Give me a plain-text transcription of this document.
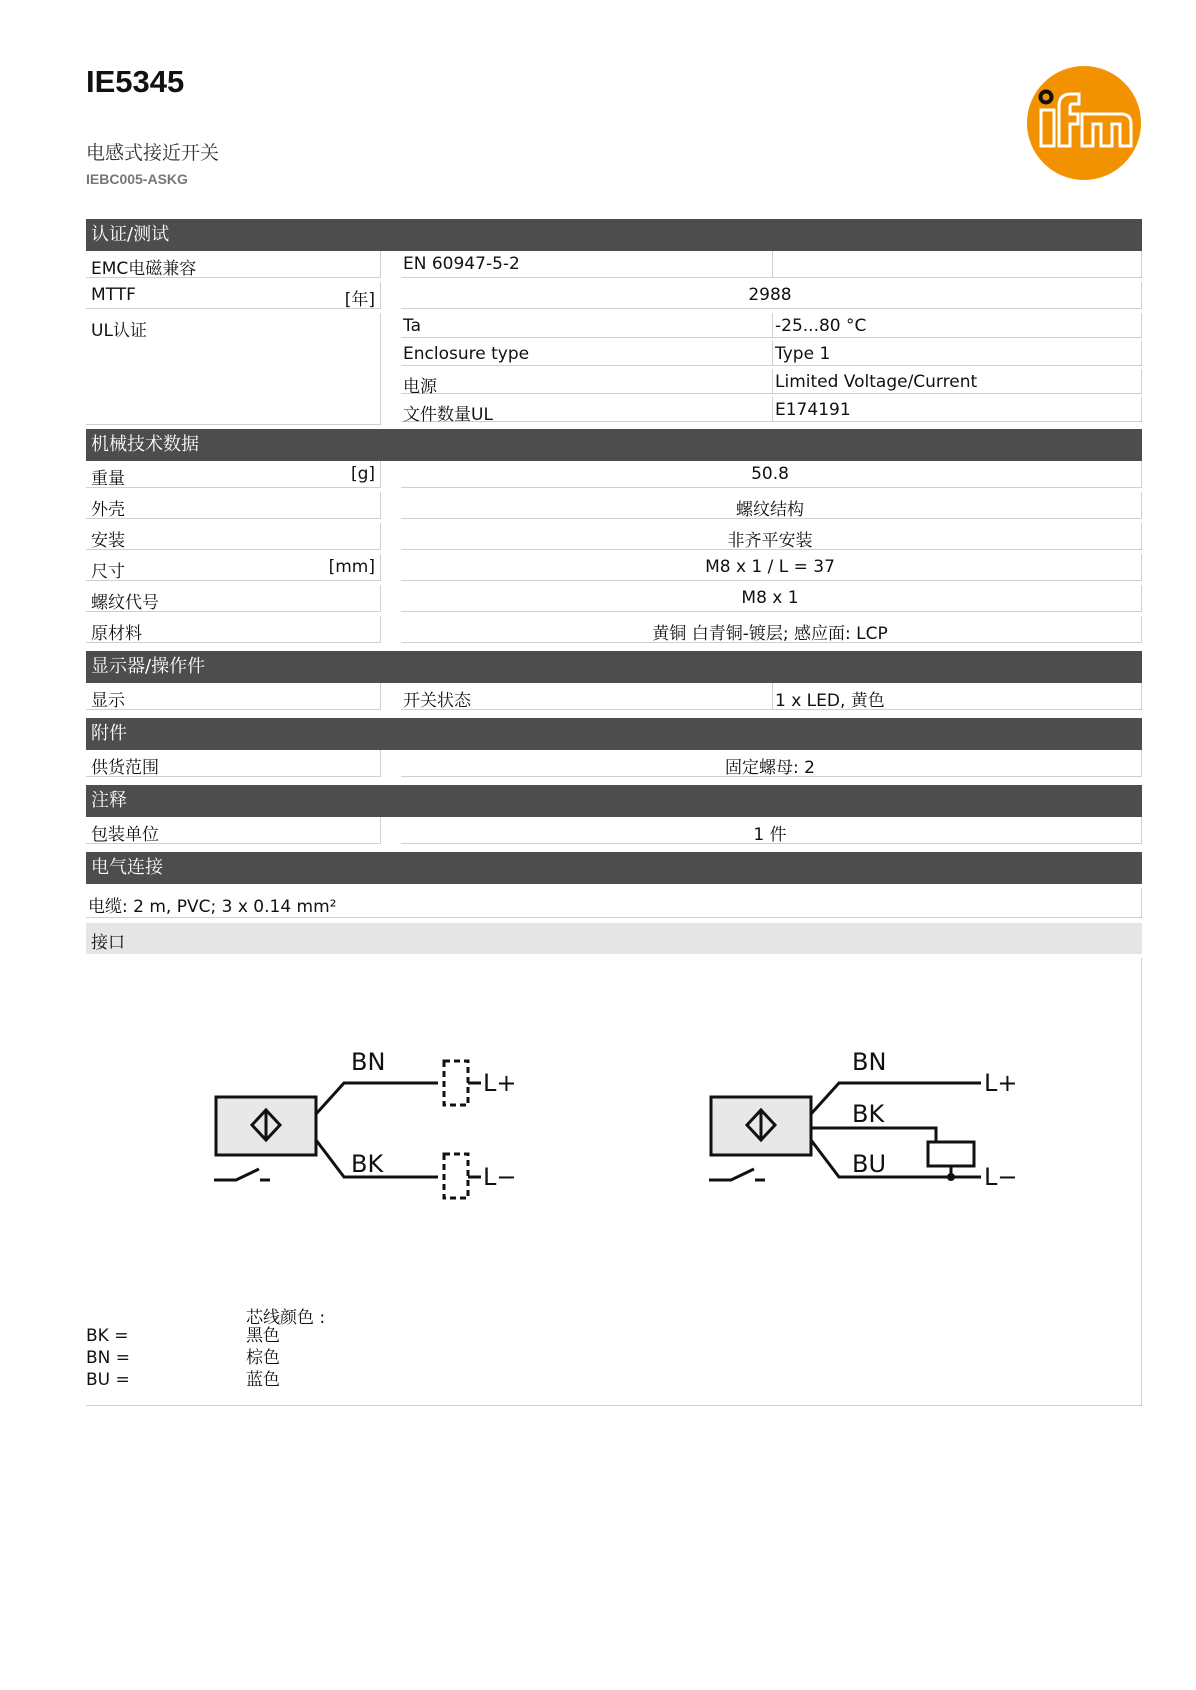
IE5345
电感式接近开关
IEBC005-ASKG
认证/测试
EMC电磁兼容	EN 60947-5-2
MTTF	[年]	2988
UL认证	Ta	-25...80 °C
Enclosure type	Type 1
电源	Limited Voltage/Current
文件数量UL	E174191
机械技术数据
重量	[g]	50.8
外壳	螺纹结构
安装	非齐平安装
尺寸	[mm]	M8 x 1 / L = 37
螺纹代号	M8 x 1
原材料	黄铜 白青铜-镀层; 感应面: LCP
显示器/操作件
显示	开关状态	1 x LED, 黄色
附件
供货范围	固定螺母: 2
注释
包装单位	1 件
电气连接
电缆: 2 m, PVC; 3 x 0.14 mm²
接口
BN
BK
L+
L−
BN
BK
BU
L+
L−
芯线颜色 :
BK =	黑色
BN =	棕色
BU =	蓝色
